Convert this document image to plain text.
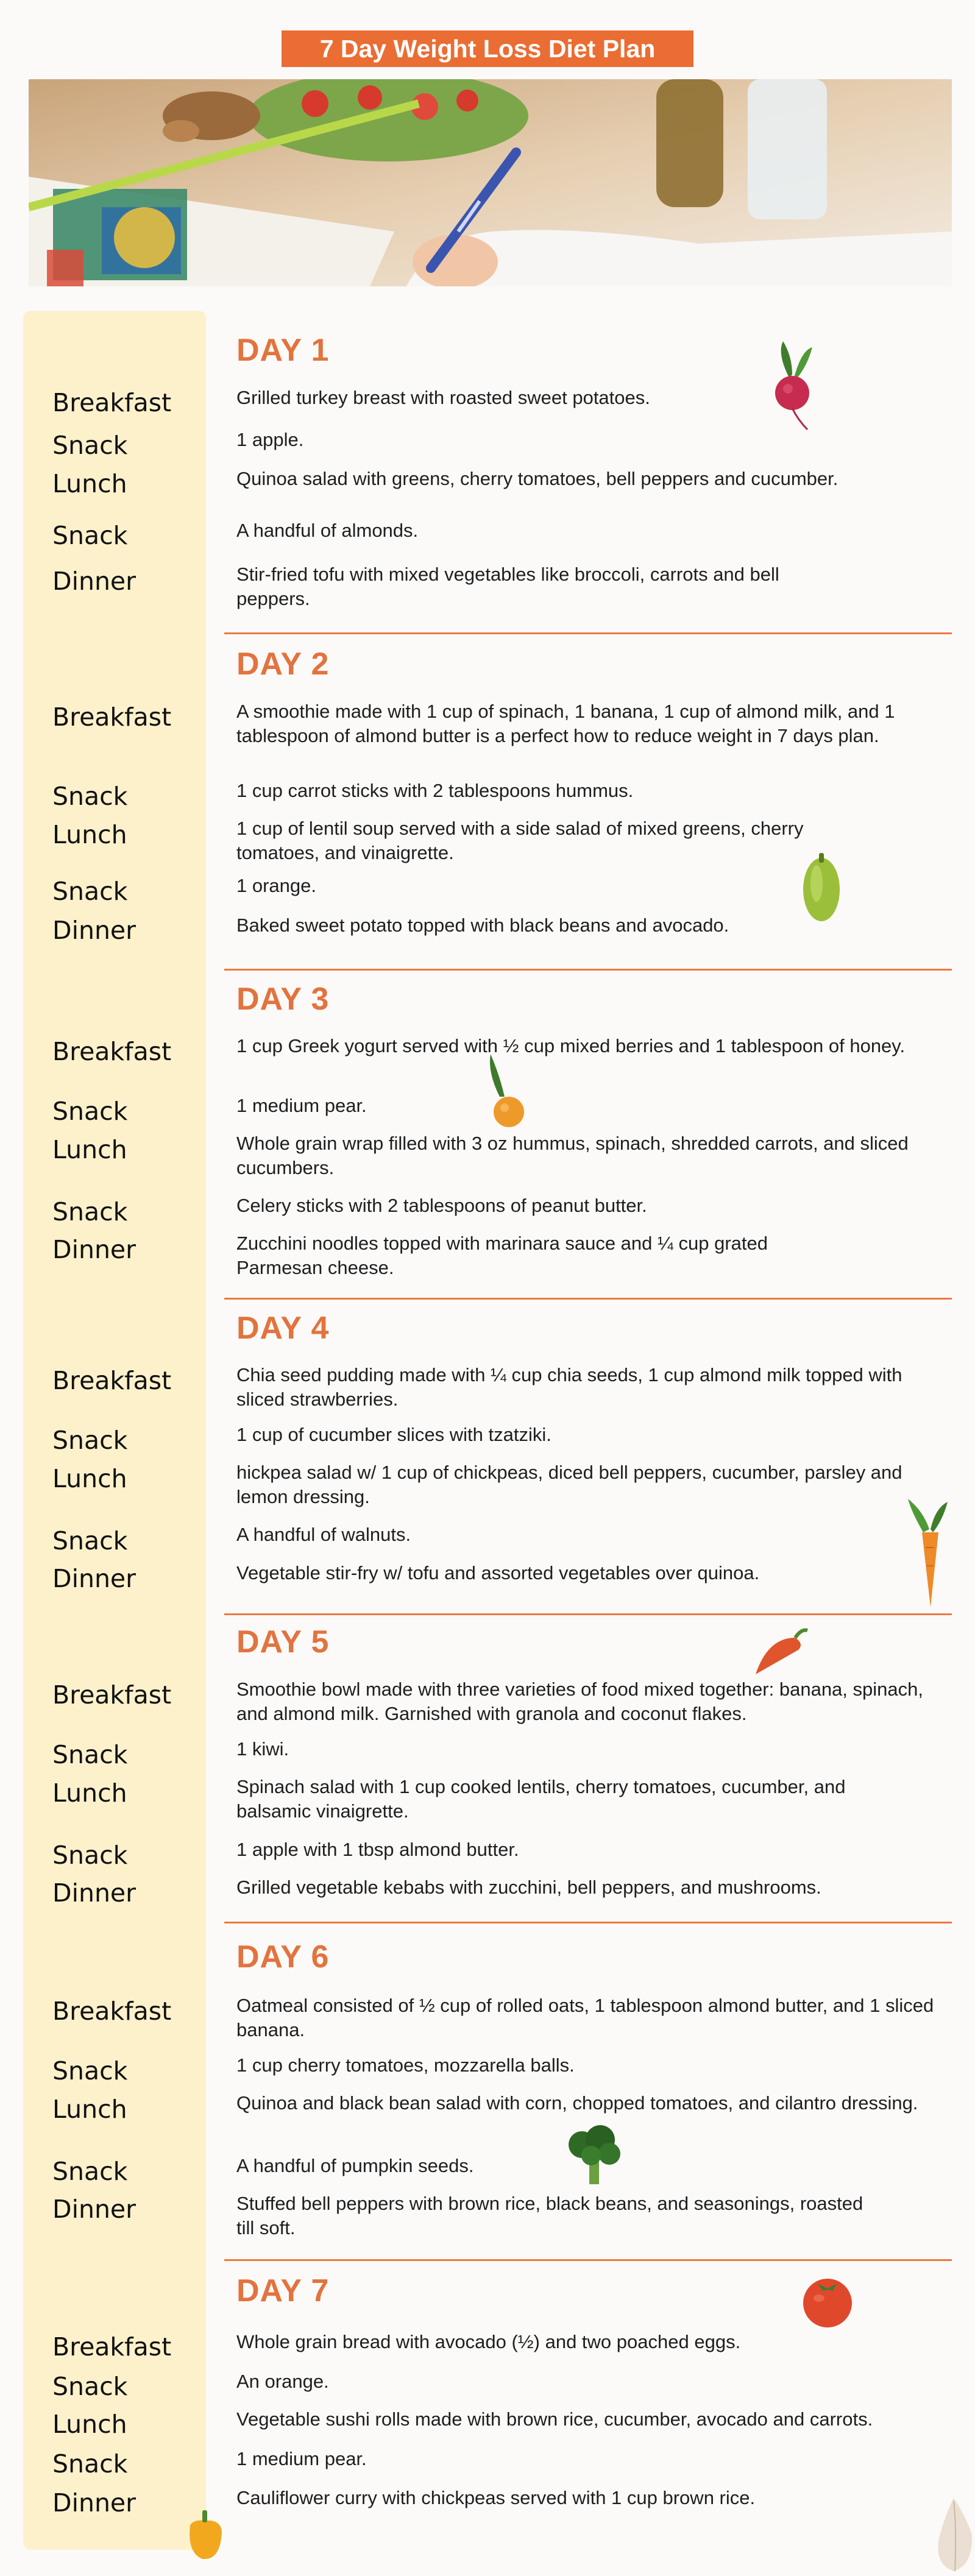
7 Day Weight Loss Diet Plan
DAY 1
Breakfast	Grilled turkey breast with roasted sweet potatoes.
Snack	1 apple.
Lunch	Quinoa salad with greens, cherry tomatoes, bell peppers and cucumber.
Snack	A handful of almonds.
Dinner	Stir-fried tofu with mixed vegetables like broccoli, carrots and bell peppers.
DAY 2
Breakfast	A smoothie made with 1 cup of spinach, 1 banana, 1 cup of almond milk, and 1 tablespoon of almond butter is a perfect how to reduce weight in 7 days plan.
Snack	1 cup carrot sticks with 2 tablespoons hummus.
Lunch	1 cup of lentil soup served with a side salad of mixed greens, cherry tomatoes, and vinaigrette.
Snack	1 orange.
Dinner	Baked sweet potato topped with black beans and avocado.
DAY 3
Breakfast	1 cup Greek yogurt served with ½ cup mixed berries and 1 tablespoon of honey.
Snack	1 medium pear.
Lunch	Whole grain wrap filled with 3 oz hummus, spinach, shredded carrots, and sliced cucumbers.
Snack	Celery sticks with 2 tablespoons of peanut butter.
Dinner	Zucchini noodles topped with marinara sauce and ¼ cup grated Parmesan cheese.
DAY 4
Breakfast	Chia seed pudding made with ¼ cup chia seeds, 1 cup almond milk topped with sliced strawberries.
Snack	1 cup of cucumber slices with tzatziki.
Lunch	hickpea salad w/ 1 cup of chickpeas, diced bell peppers, cucumber, parsley and lemon dressing.
Snack	A handful of walnuts.
Dinner	Vegetable stir-fry w/ tofu and assorted vegetables over quinoa.
DAY 5
Breakfast	Smoothie bowl made with three varieties of food mixed together: banana, spinach, and almond milk. Garnished with granola and coconut flakes.
Snack	1 kiwi.
Lunch	Spinach salad with 1 cup cooked lentils, cherry tomatoes, cucumber, and balsamic vinaigrette.
Snack	1 apple with 1 tbsp almond butter.
Dinner	Grilled vegetable kebabs with zucchini, bell peppers, and mushrooms.
DAY 6
Breakfast	Oatmeal consisted of ½ cup of rolled oats, 1 tablespoon almond butter, and 1 sliced banana.
Snack	1 cup cherry tomatoes, mozzarella balls.
Lunch	Quinoa and black bean salad with corn, chopped tomatoes, and cilantro dressing.
Snack	A handful of pumpkin seeds.
Dinner	Stuffed bell peppers with brown rice, black beans, and seasonings, roasted till soft.
DAY 7
Breakfast	Whole grain bread with avocado (½) and two poached eggs.
Snack	An orange.
Lunch	Vegetable sushi rolls made with brown rice, cucumber, avocado and carrots.
Snack	1 medium pear.
Dinner	Cauliflower curry with chickpeas served with 1 cup brown rice.
